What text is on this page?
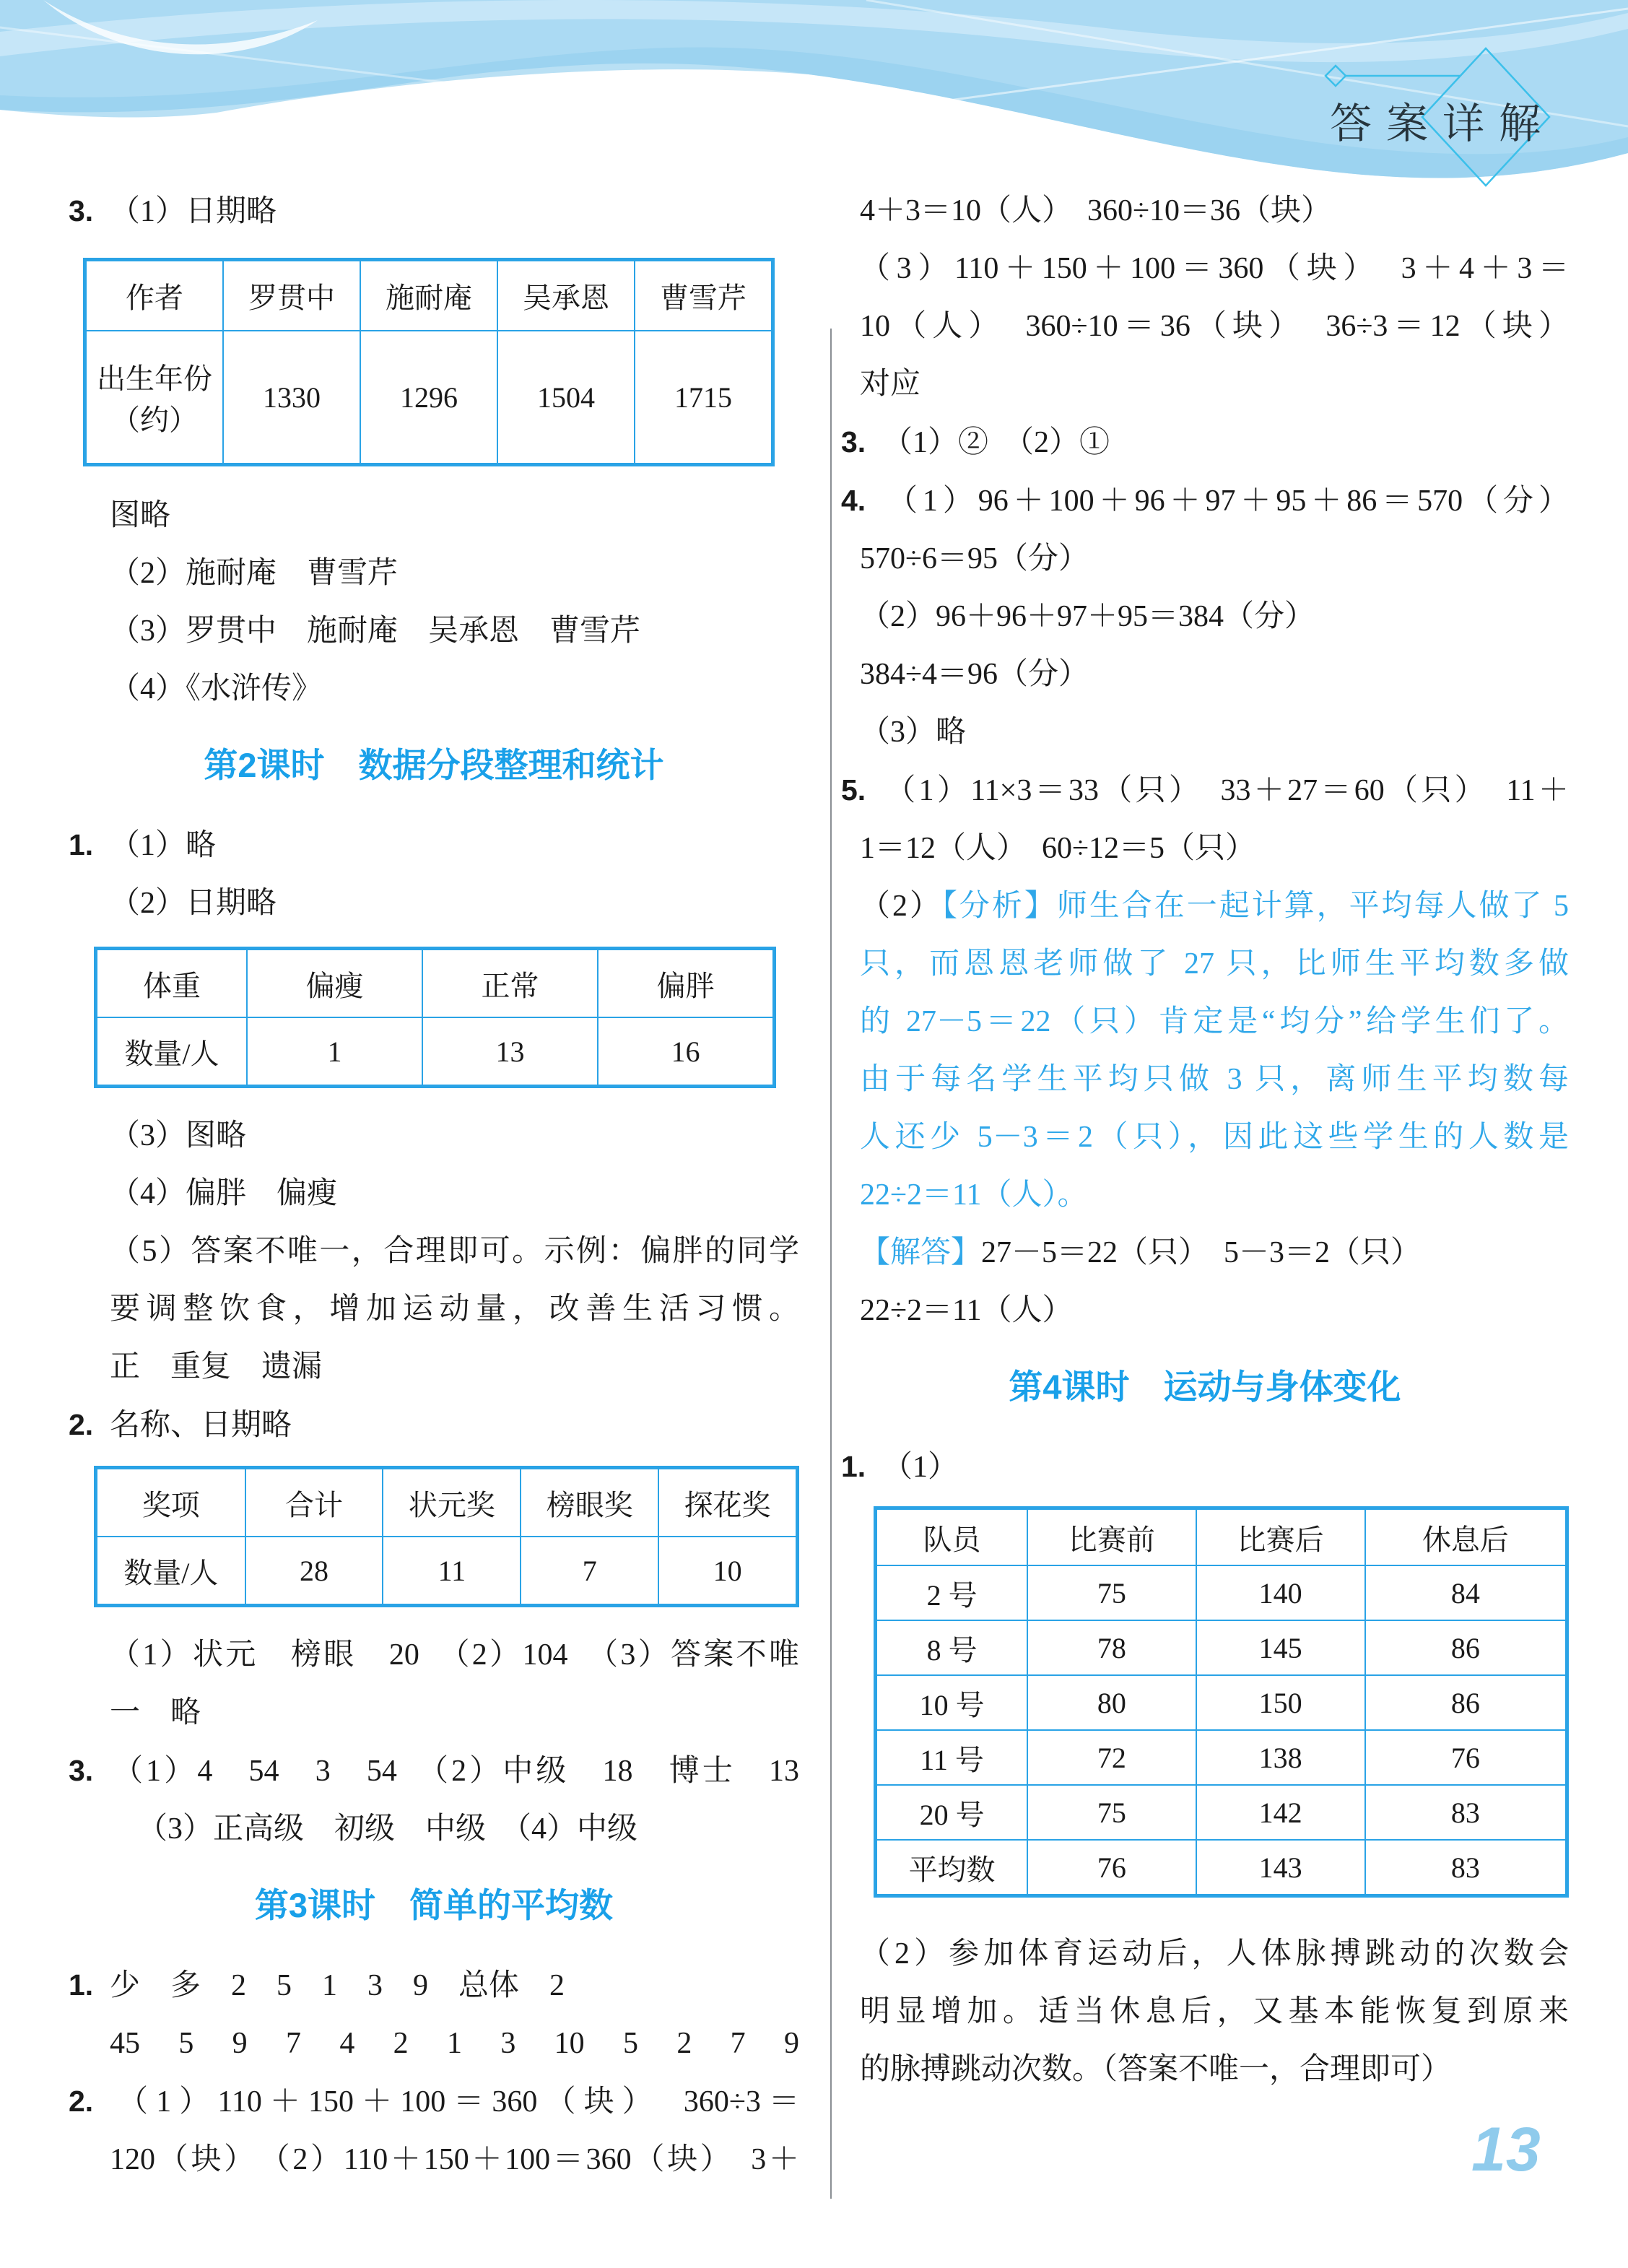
答案详解
3. （1）日期略
作者	罗贯中	施耐庵	吴承恩	曹雪芹
出生年份（约）	1330	1296	1504	1715
图略
（2）施耐庵　曹雪芹
（3）罗贯中　施耐庵　吴承恩　曹雪芹
（4）《水浒传》
第2课时　数据分段整理和统计
1. （1）略
（2）日期略
体重	偏瘦	正常	偏胖
数量/人	1	13	16
（3）图略
（4）偏胖　偏瘦
（5）答案不唯一，合理即可。示例：偏胖的同学
要调整饮食，增加运动量，改善生活习惯。
正　重复　遗漏
2. 名称、日期略
奖项	合计	状元奖	榜眼奖	探花奖
数量/人	28	11	7	10
（1）状元　榜眼　20　（2）104　（3）答案不唯
一　略
3. （1）4　54　3　54　（2）中级　18　博士　13
（3）正高级　初级　中级　（4）中级
第3课时　简单的平均数
1. 少　多　2　5　1　3　9　总体　2
45　5　9　7　4　2　1　3　10　5　2　7　9
2. （1）110＋150＋100＝360（块）　360÷3＝
120（块）　（2）110＋150＋100＝360（块）　3＋
4＋3＝10（人）　360÷10＝36（块）
（3）110＋150＋100＝360（块）　3＋4＋3＝
10（人）　360÷10＝36（块）　36÷3＝12（块）
对应
3. （1）②　（2）①
4. （1）96＋100＋96＋97＋95＋86＝570（分）
570÷6＝95（分）
（2）96＋96＋97＋95＝384（分）
384÷4＝96（分）
（3）略
5. （1）11×3＝33（只）　33＋27＝60（只）　11＋
1＝12（人）　60÷12＝5（只）
（2）【分析】师生合在一起计算，平均每人做了 5
只，而恩恩老师做了 27 只，比师生平均数多做
的 27－5＝22（只）肯定是“均分”给学生们了。
由于每名学生平均只做 3 只，离师生平均数每
人还少 5－3＝2（只），因此这些学生的人数是
22÷2＝11（人）。
【解答】27－5＝22（只）　5－3＝2（只）
22÷2＝11（人）
第4课时　运动与身体变化
1. （1）
队员	比赛前	比赛后	休息后
2 号	75	140	84
8 号	78	145	86
10 号	80	150	86
11 号	72	138	76
20 号	75	142	83
平均数	76	143	83
（2）参加体育运动后，人体脉搏跳动的次数会
明显增加。适当休息后，又基本能恢复到原来
的脉搏跳动次数。（答案不唯一，合理即可）
13
